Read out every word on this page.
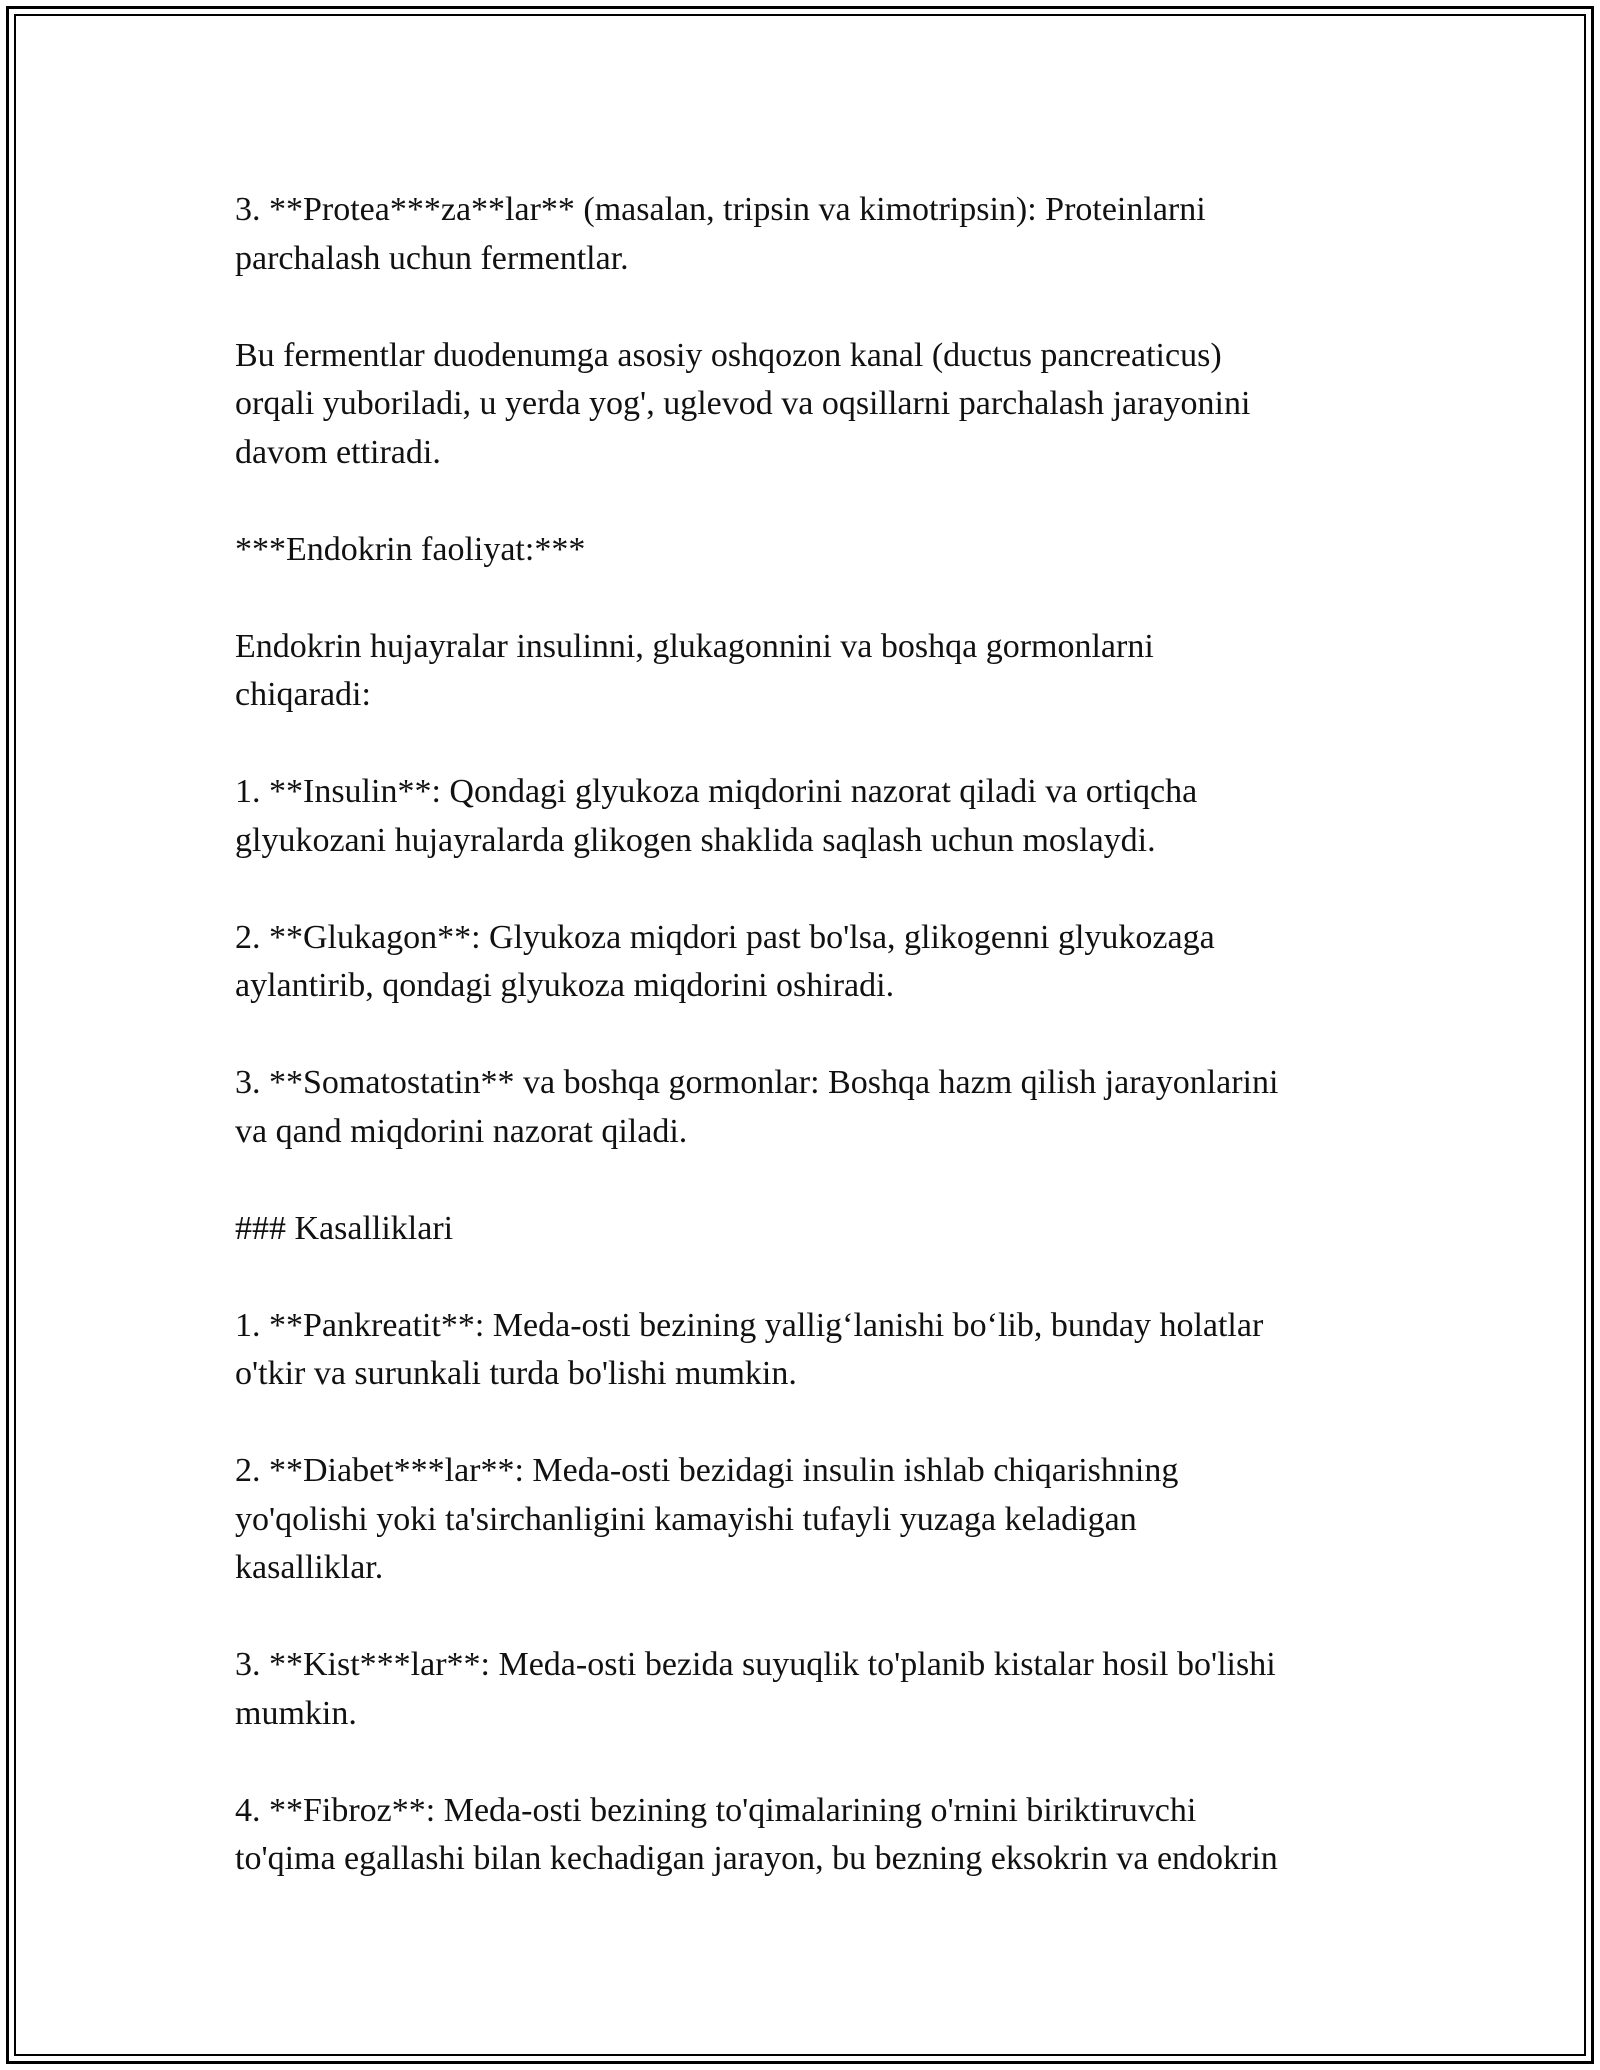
3. **Protea***za**lar** (masalan, tripsin va kimotripsin): Proteinlarni
parchalash uchun fermentlar.
Bu fermentlar duodenumga asosiy oshqozon kanal (ductus pancreaticus)
orqali yuboriladi, u yerda yog', uglevod va oqsillarni parchalash jarayonini
davom ettiradi.
***Endokrin faoliyat:***
Endokrin hujayralar insulinni, glukagonnini va boshqa gormonlarni
chiqaradi:
1. **Insulin**: Qondagi glyukoza miqdorini nazorat qiladi va ortiqcha
glyukozani hujayralarda glikogen shaklida saqlash uchun moslaydi.
2. **Glukagon**: Glyukoza miqdori past bo'lsa, glikogenni glyukozaga
aylantirib, qondagi glyukoza miqdorini oshiradi.
3. **Somatostatin** va boshqa gormonlar: Boshqa hazm qilish jarayonlarini
va qand miqdorini nazorat qiladi.
### Kasalliklari
1. **Pankreatit**: Meda-osti bezining yallig‘lanishi bo‘lib, bunday holatlar
o'tkir va surunkali turda bo'lishi mumkin.
2. **Diabet***lar**: Meda-osti bezidagi insulin ishlab chiqarishning
yo'qolishi yoki ta'sirchanligini kamayishi tufayli yuzaga keladigan
kasalliklar.
3. **Kist***lar**: Meda-osti bezida suyuqlik to'planib kistalar hosil bo'lishi
mumkin.
4. **Fibroz**: Meda-osti bezining to'qimalarining o'rnini biriktiruvchi
to'qima egallashi bilan kechadigan jarayon, bu bezning eksokrin va endokrin
